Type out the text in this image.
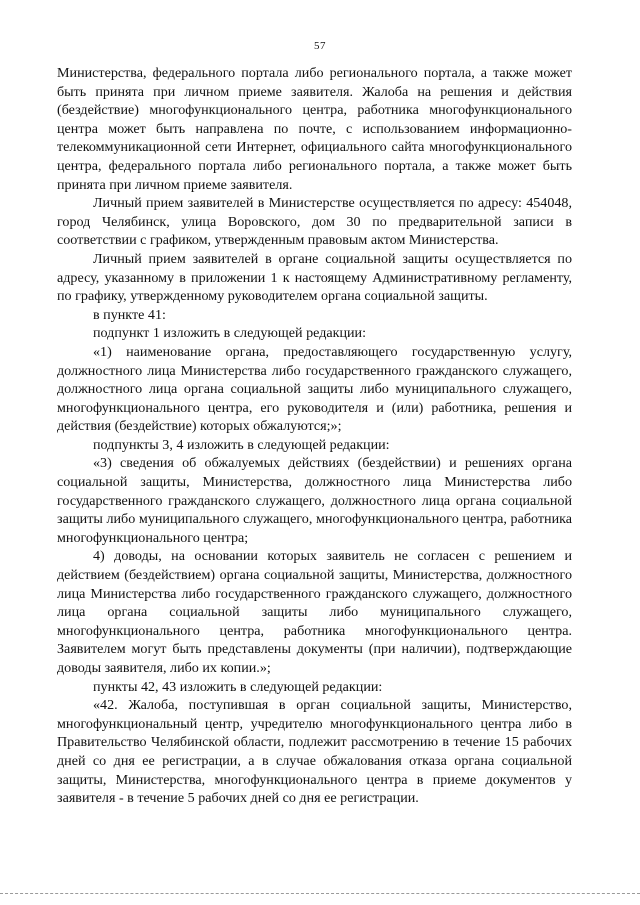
57

Министерства, федерального портала либо регионального портала, а также может быть принята при личном приеме заявителя. Жалоба на решения и действия (бездействие) многофункционального центра, работника многофункционального центра может быть направлена по почте, с использованием информационно-телекоммуникационной сети Интернет, официального сайта многофункционального центра, федерального портала либо регионального портала, а также может быть принята при личном приеме заявителя.

Личный прием заявителей в Министерстве осуществляется по адресу: 454048, город Челябинск, улица Воровского, дом 30 по предварительной записи в соответствии с графиком, утвержденным правовым актом Министерства.

Личный прием заявителей в органе социальной защиты осуществляется по адресу, указанному в приложении 1 к настоящему Административному регламенту, по графику, утвержденному руководителем органа социальной защиты.

в пункте 41:

подпункт 1 изложить в следующей редакции:

«1) наименование органа, предоставляющего государственную услугу, должностного лица Министерства либо государственного гражданского служащего, должностного лица органа социальной защиты либо муниципального служащего, многофункционального центра, его руководителя и (или) работника, решения и действия (бездействие) которых обжалуются;»;

подпункты 3, 4 изложить в следующей редакции:

«3) сведения об обжалуемых действиях (бездействии) и решениях органа социальной защиты, Министерства, должностного лица Министерства либо государственного гражданского служащего, должностного лица органа социальной защиты либо муниципального служащего, многофункционального центра, работника многофункционального центра;

4) доводы, на основании которых заявитель не согласен с решением и действием (бездействием) органа социальной защиты, Министерства, должностного лица Министерства либо государственного гражданского служащего, должностного лица органа социальной защиты либо муниципального служащего, многофункционального центра, работника многофункционального центра. Заявителем могут быть представлены документы (при наличии), подтверждающие доводы заявителя, либо их копии.»;

пункты 42, 43 изложить в следующей редакции:

«42. Жалоба, поступившая в орган социальной защиты, Министерство, многофункциональный центр, учредителю многофункционального центра либо в Правительство Челябинской области, подлежит рассмотрению в течение 15 рабочих дней со дня ее регистрации, а в случае обжалования отказа органа социальной защиты, Министерства, многофункционального центра в приеме документов у заявителя - в течение 5 рабочих дней со дня ее регистрации.
